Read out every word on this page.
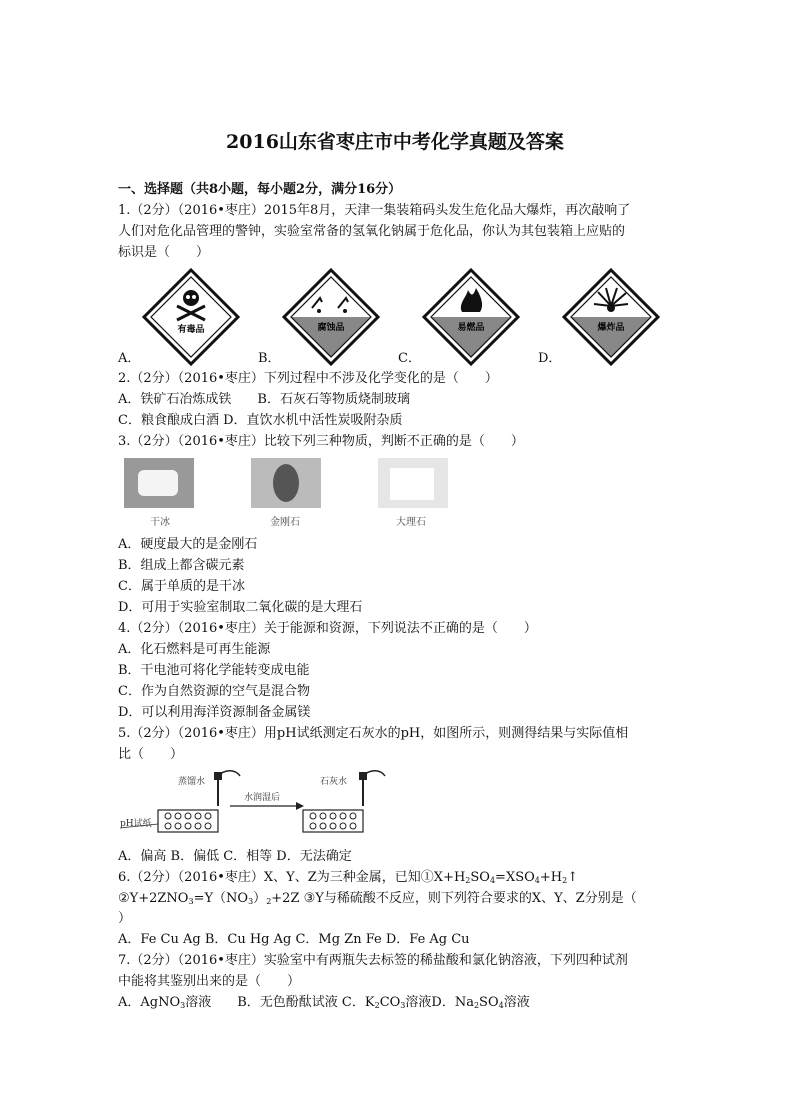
2016山东省枣庄市中考化学真题及答案
一、选择题（共8小题，每小题2分，满分16分）
1.（2分）（2016•枣庄）2015年8月，天津一集装箱码头发生危化品大爆炸，再次敲响了
人们对危化品管理的警钟，实验室常备的氢氧化钠属于危化品，你认为其包装箱上应贴的
标识是（　　）
有毒品	腐蚀品	易燃品	爆炸品
A．	B．	C．	D．
2.（2分）（2016•枣庄）下列过程中不涉及化学变化的是（　　）
A．铁矿石冶炼成铁　　B．石灰石等物质烧制玻璃
C．粮食酿成白酒 D．直饮水机中活性炭吸附杂质
3.（2分）（2016•枣庄）比较下列三种物质，判断不正确的是（　　）
干冰	金刚石	大理石
A．硬度最大的是金刚石
B．组成上都含碳元素
C．属于单质的是干冰
D．可用于实验室制取二氧化碳的是大理石
4.（2分）（2016•枣庄）关于能源和资源，下列说法不正确的是（　　）
A．化石燃料是可再生能源
B．干电池可将化学能转变成电能
C．作为自然资源的空气是混合物
D．可以利用海洋资源制备金属镁
5.（2分）（2016•枣庄）用pH试纸测定石灰水的pH，如图所示，则测得结果与实际值相
比（　　）
蒸馏水
水润湿后
石灰水
pH试纸
A．偏高 B．偏低 C．相等 D．无法确定
6.（2分）（2016•枣庄）X、Y、Z为三种金属，已知$①X+H_2SO_4=XSO_4+H_2↑$
$②Y+2ZNO_3=Y(NO_3)_2+2Z$ ③Y与稀硫酸不反应，则下列符合要求的X、Y、Z分别是（
）
A．Fe Cu Ag B．Cu Hg Ag C．Mg Zn Fe D．Fe Ag Cu
7.（2分）（2016•枣庄）实验室中有两瓶失去标签的稀盐酸和氯化钠溶液，下列四种试剂
中能将其鉴别出来的是（　　）
A．AgNO$_3$溶液　　B．无色酚酞试液 C．$K_2CO_3$溶液D．$Na_2SO_4$溶液
